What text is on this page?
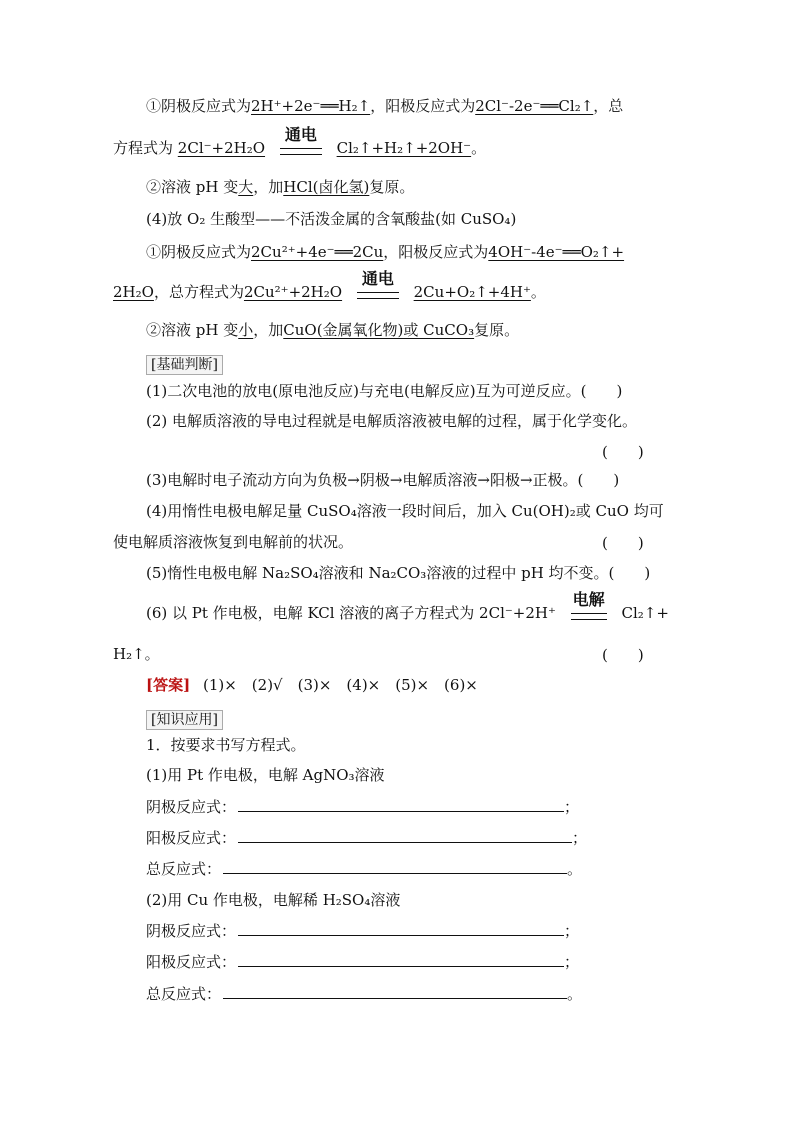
①阴极反应式为2H⁺+2e⁻══H₂↑，阳极反应式为2Cl⁻-2e⁻══Cl₂↑，总
方程式为 2Cl⁻+2H₂O
通电
Cl₂↑+H₂↑+2OH⁻。
②溶液 pH 变大，加HCl(卤化氢)复原。
(4)放 O₂ 生酸型——不活泼金属的含氧酸盐(如 CuSO₄)
①阴极反应式为2Cu²⁺+4e⁻══2Cu，阳极反应式为4OH⁻-4e⁻══O₂↑+
2H₂O，总方程式为2Cu²⁺+2H₂O
通电
2Cu+O₂↑+4H⁺。
②溶液 pH 变小，加CuO(金属氧化物)或 CuCO₃复原。
[基础判断]
(1)二次电池的放电(原电池反应)与充电(电解反应)互为可逆反应。(　　)
(2) 电解质溶液的导电过程就是电解质溶液被电解的过程，属于化学变化。
(　　)
(3)电解时电子流动方向为负极→阴极→电解质溶液→阳极→正极。(　　)
(4)用惰性电极电解足量 CuSO₄溶液一段时间后，加入 Cu(OH)₂或 CuO 均可
使电解质溶液恢复到电解前的状况。	(　　)
(5)惰性电极电解 Na₂SO₄溶液和 Na₂CO₃溶液的过程中 pH 均不变。(　　)
(6) 以 Pt 作电极，电解 KCl 溶液的离子方程式为 2Cl⁻+2H⁺
电解
Cl₂↑+
H₂↑。	(　　)
[答案] (1)×　(2)√　(3)×　(4)×　(5)×　(6)×
[知识应用]
1．按要求书写方程式。
(1)用 Pt 作电极，电解 AgNO₃溶液
阴极反应式：	；
阳极反应式：	；
总反应式：	。
(2)用 Cu 作电极，电解稀 H₂SO₄溶液
阴极反应式：	；
阳极反应式：	；
总反应式：	。
